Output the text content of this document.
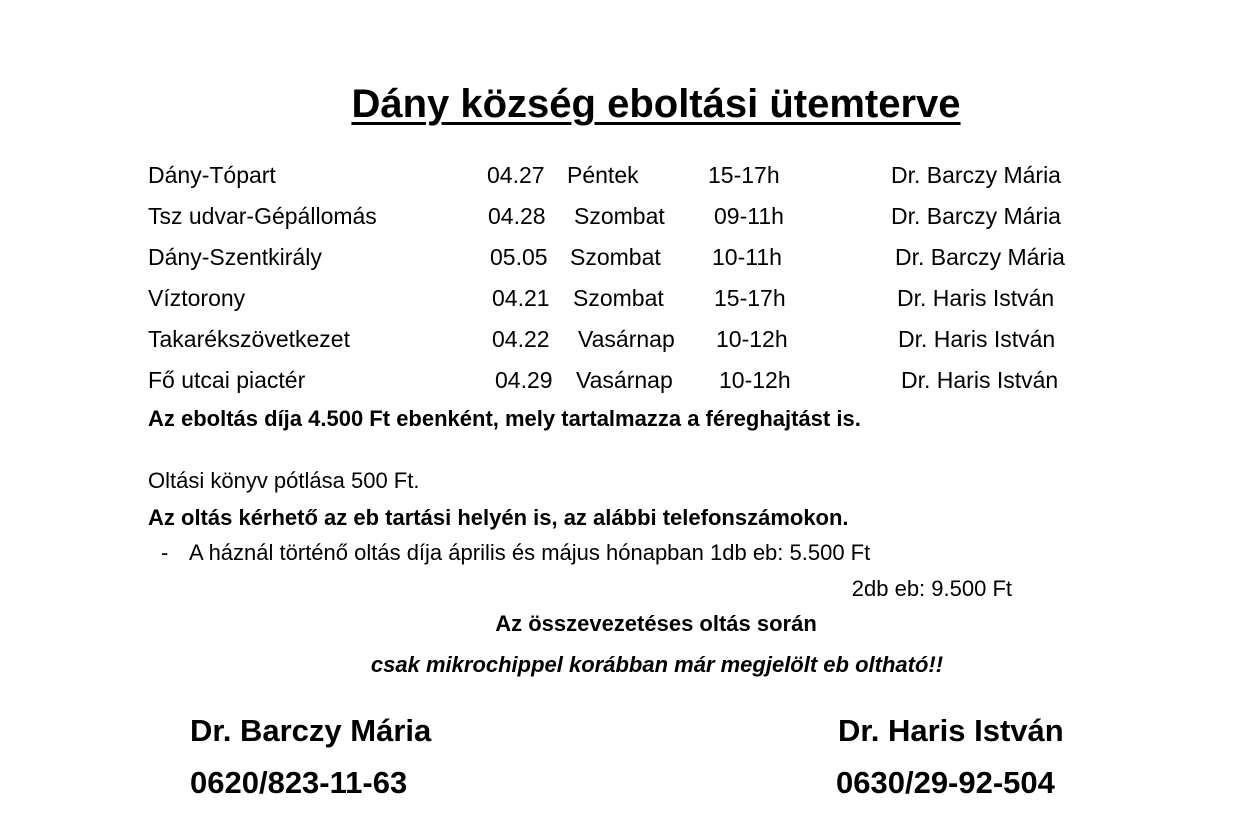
Dány község eboltási ütemterve
Dány-Tópart	04.27 Péntek	15-17h	Dr. Barczy Mária
Tsz udvar-Gépállomás	04.28 Szombat 09-11h	Dr. Barczy Mária
Dány-Szentkirály	05.05 Szombat 10-11h	Dr. Barczy Mária
Víztorony	04.21 Szombat 15-17h	Dr. Haris István
Takarékszövetkezet	04.22 Vasárnap 10-12h	Dr. Haris István
Fő utcai piactér	04.29 Vasárnap 10-12h	Dr. Haris István
Az eboltás díja 4.500 Ft ebenként, mely tartalmazza a féreghajtást is.
Oltási könyv pótlása 500 Ft.
Az oltás kérhető az eb tartási helyén is, az alábbi telefonszámokon.
- A háznál történő oltás díja április és május hónapban 1db eb: 5.500 Ft
2db eb: 9.500 Ft
Az összevezetéses oltás során
csak mikrochippel korábban már megjelölt eb oltható!!
Dr. Barczy Mária
0620/823-11-63
Dr. Haris István
0630/29-92-504
